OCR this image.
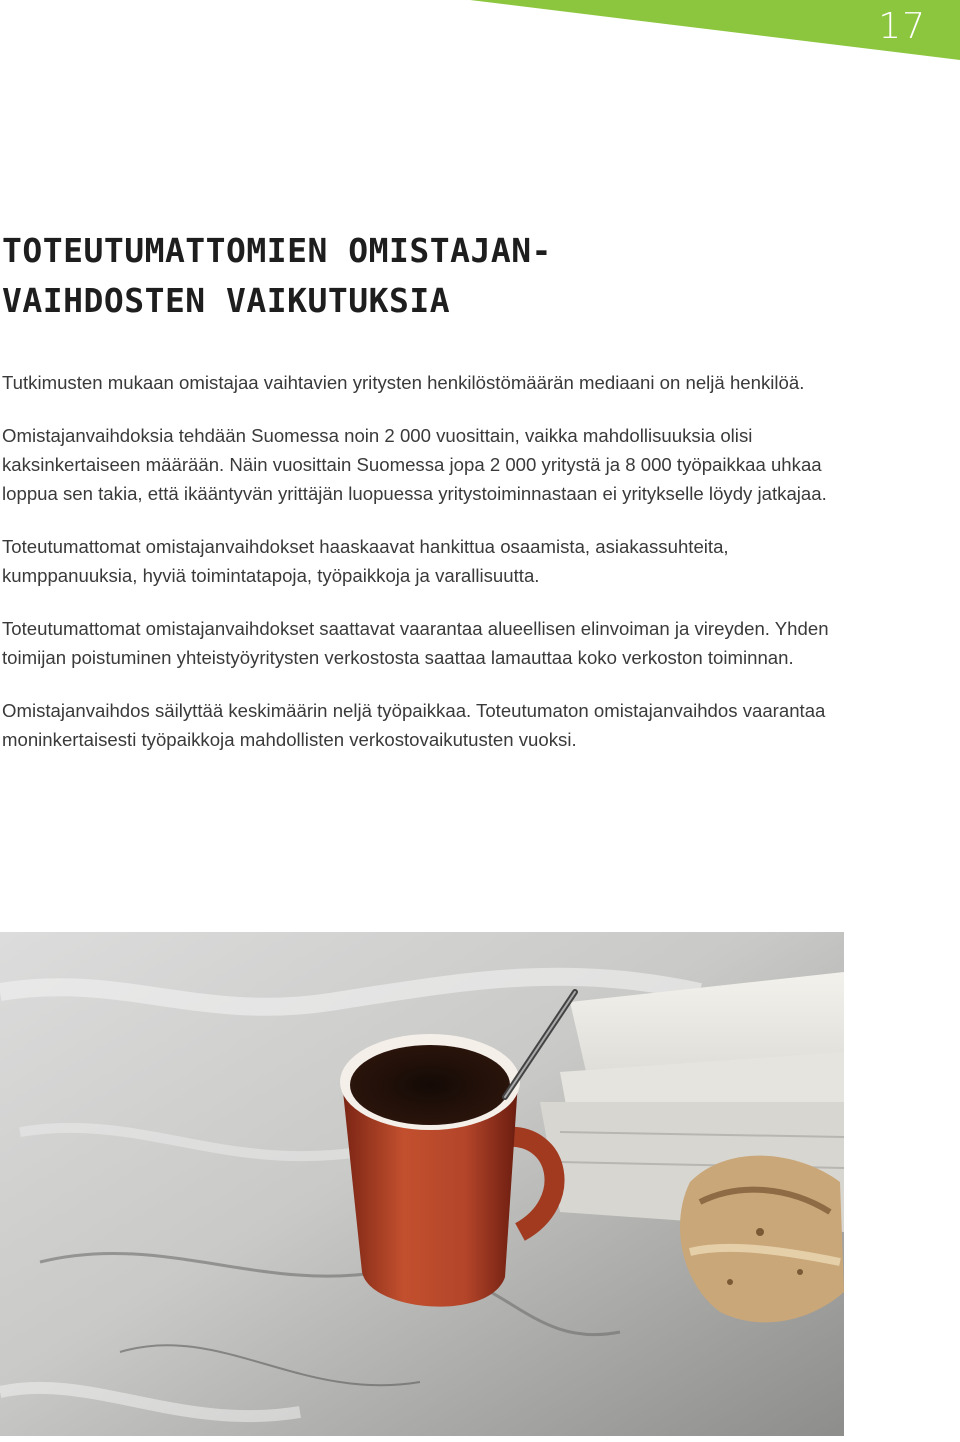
17
TOTEUTUMATTOMIEN OMISTAJAN-
VAIHDOSTEN VAIKUTUKSIA

Tutkimusten mukaan omistajaa vaihtavien yritysten henkilöstömäärän mediaani on neljä henkilöä.

Omistajanvaihdoksia tehdään Suomessa noin 2 000 vuosittain, vaikka mahdollisuuksia olisi kaksinkertaiseen määrään. Näin vuosittain Suomessa jopa 2 000 yritystä ja 8 000 työpaikkaa uhkaa loppua sen takia, että ikääntyvän yrittäjän luopuessa yritystoiminnastaan ei yritykselle löydy jatkajaa.

Toteutumattomat omistajanvaihdokset haaskaavat hankittua osaamista, asiakassuhteita, kumppanuuksia, hyviä toimintatapoja, työpaikkoja ja varallisuutta.

Toteutumattomat omistajanvaihdokset saattavat vaarantaa alueellisen elinvoiman ja vireyden. Yhden toimijan poistuminen yhteistyöyritysten verkostosta saattaa lamauttaa koko verkoston toiminnan.

Omistajanvaihdos säilyttää keskimäärin neljä työpaikkaa. Toteutumaton omistajanvaihdos vaarantaa moninkertaisesti työpaikkoja mahdollisten verkostovaikutusten vuoksi.
